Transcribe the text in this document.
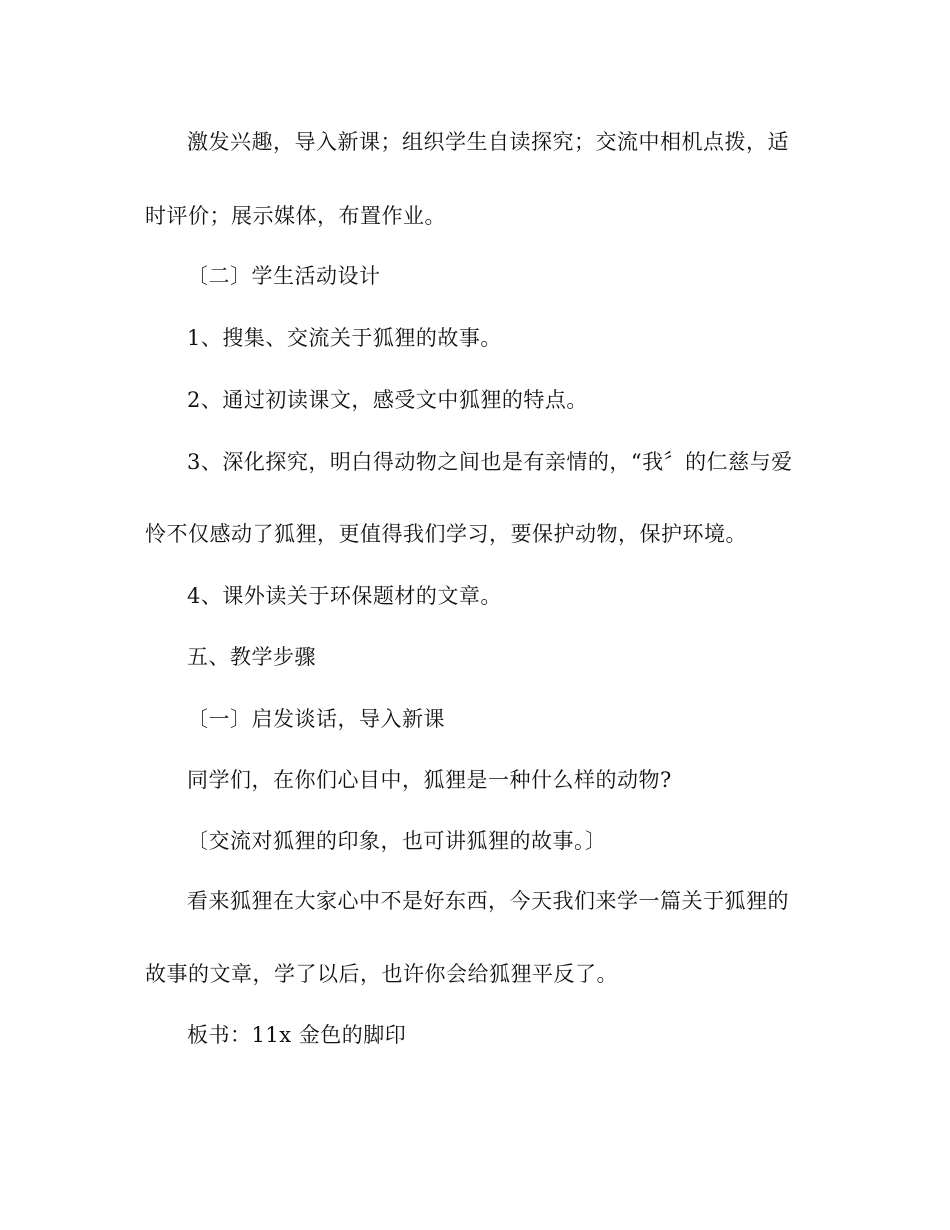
激发兴趣，导入新课；组织学生自读探究；交流中相机点拨，适
时评价；展示媒体，布置作业。
〔二〕学生活动设计
1、搜集、交流关于狐狸的故事。
2、通过初读课文，感受文中狐狸的特点。
3、深化探究，明白得动物之间也是有亲情的，“我〞的仁慈与爱
怜不仅感动了狐狸，更值得我们学习，要保护动物，保护环境。
4、课外读关于环保题材的文章。
五、教学步骤
〔一〕启发谈话，导入新课
同学们，在你们心目中，狐狸是一种什么样的动物?
〔交流对狐狸的印象，也可讲狐狸的故事。〕
看来狐狸在大家心中不是好东西，今天我们来学一篇关于狐狸的
故事的文章，学了以后，也许你会给狐狸平反了。
板书：11x 金色的脚印
